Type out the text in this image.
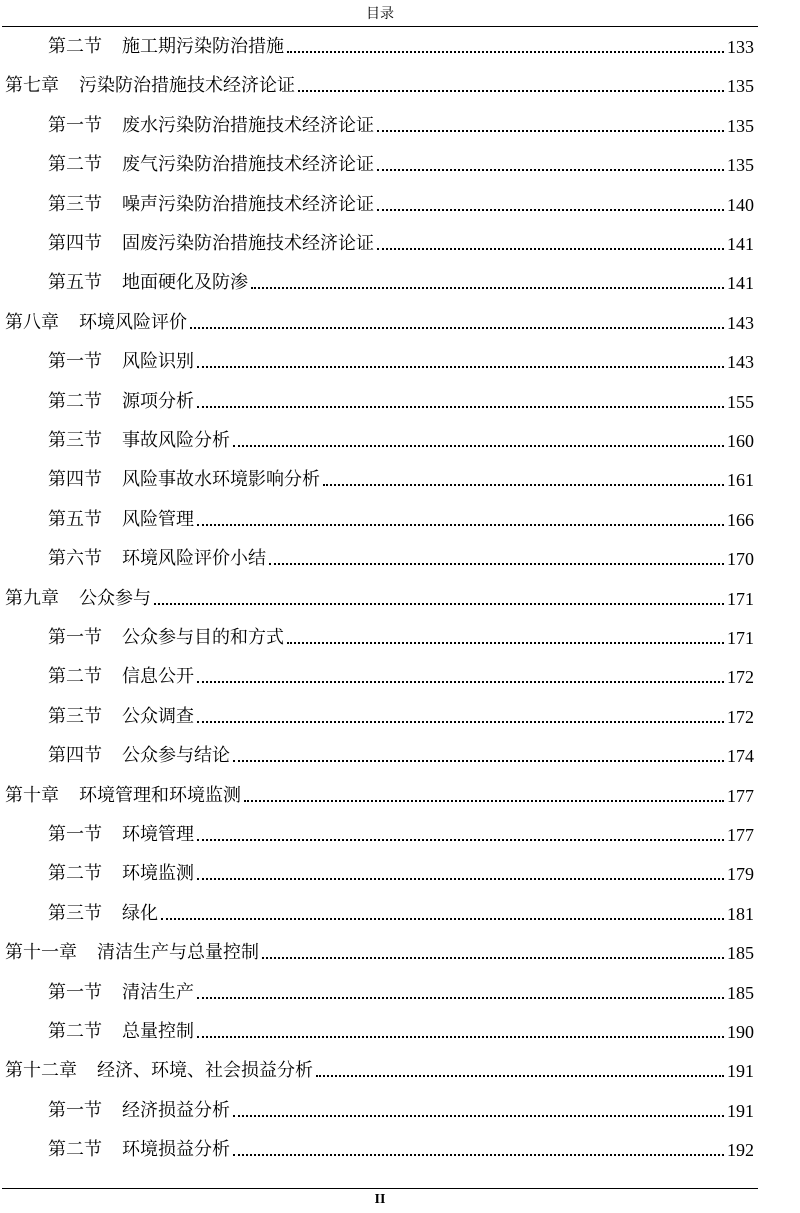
目录
第二节 施工期污染防治措施	133
第七章 污染防治措施技术经济论证	135
第一节 废水污染防治措施技术经济论证	135
第二节 废气污染防治措施技术经济论证	135
第三节 噪声污染防治措施技术经济论证	140
第四节 固废污染防治措施技术经济论证	141
第五节 地面硬化及防渗	141
第八章 环境风险评价	143
第一节 风险识别	143
第二节 源项分析	155
第三节 事故风险分析	160
第四节 风险事故水环境影响分析	161
第五节 风险管理	166
第六节 环境风险评价小结	170
第九章 公众参与	171
第一节 公众参与目的和方式	171
第二节 信息公开	172
第三节 公众调查	172
第四节 公众参与结论	174
第十章 环境管理和环境监测	177
第一节 环境管理	177
第二节 环境监测	179
第三节 绿化	181
第十一章 清洁生产与总量控制	185
第一节 清洁生产	185
第二节 总量控制	190
第十二章 经济、环境、社会损益分析	191
第一节 经济损益分析	191
第二节 环境损益分析	192
II
